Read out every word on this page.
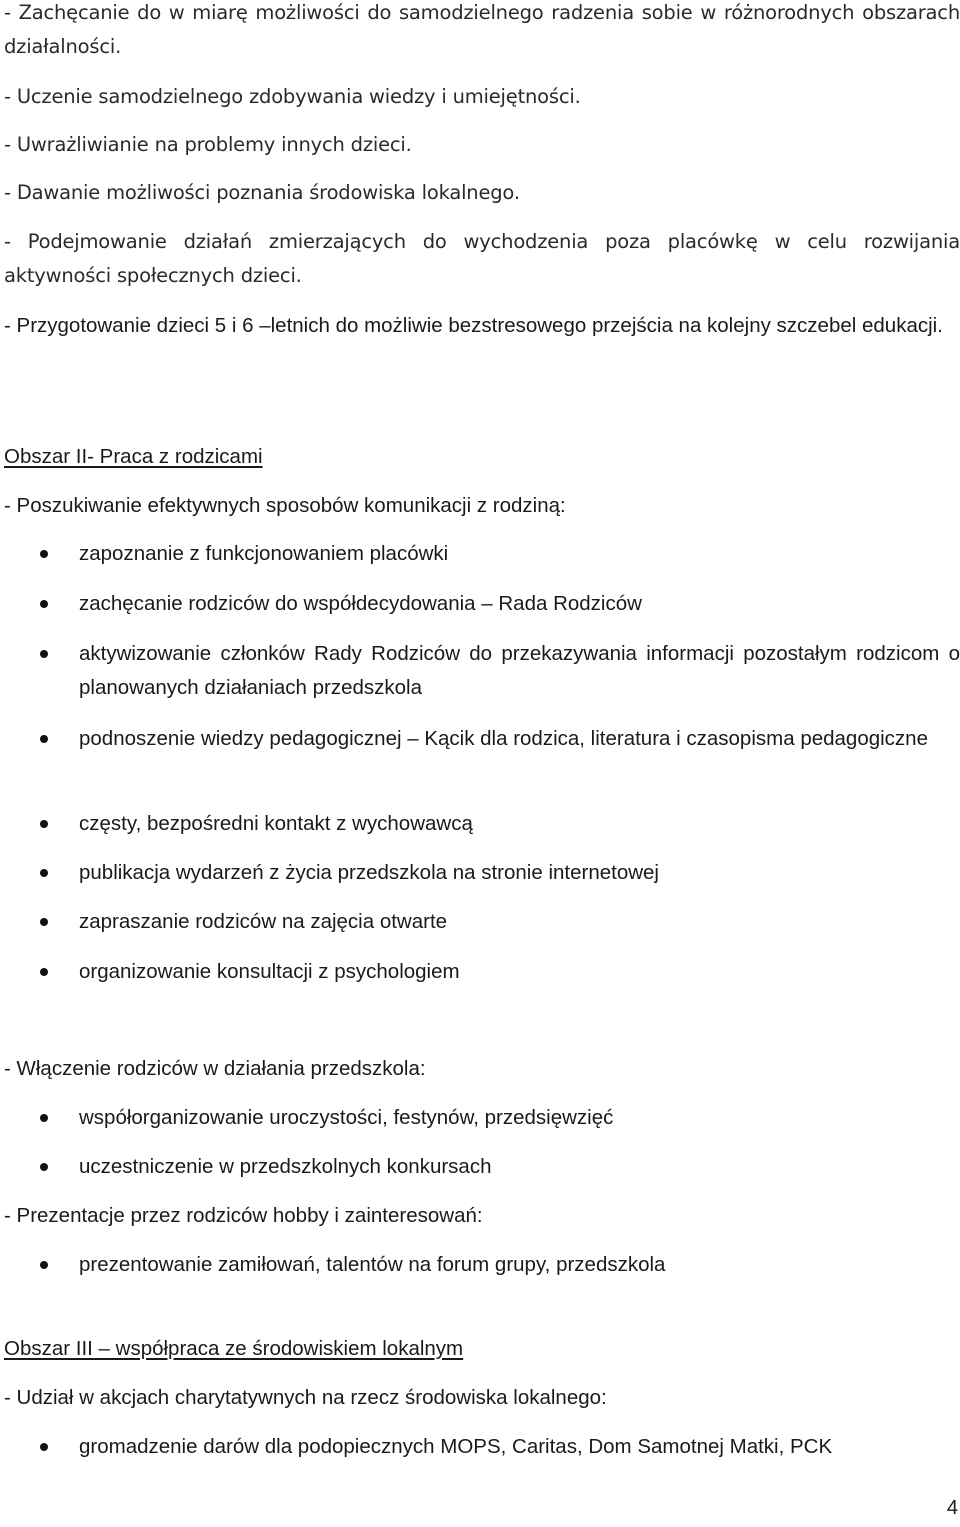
- Zachęcanie do w miarę możliwości do samodzielnego radzenia sobie w różnorodnych obszarach działalności.

- Uczenie samodzielnego zdobywania wiedzy i umiejętności.

- Uwrażliwianie na problemy innych dzieci.

- Dawanie możliwości poznania środowiska lokalnego.

- Podejmowanie działań zmierzających do wychodzenia poza placówkę w celu rozwijania aktywności społecznych dzieci.

- Przygotowanie dzieci 5 i 6 –letnich do możliwie bezstresowego przejścia na kolejny szczebel edukacji.

Obszar II- Praca z rodzicami

- Poszukiwanie efektywnych sposobów komunikacji z rodziną:

zapoznanie z funkcjonowaniem placówki

zachęcanie rodziców do współdecydowania – Rada Rodziców

aktywizowanie członków Rady Rodziców do przekazywania informacji pozostałym rodzicom o planowanych działaniach przedszkola

podnoszenie wiedzy pedagogicznej – Kącik dla rodzica, literatura i czasopisma pedagogiczne

częsty, bezpośredni kontakt z wychowawcą

publikacja wydarzeń z życia przedszkola na stronie internetowej

zapraszanie rodziców na zajęcia otwarte

organizowanie konsultacji z psychologiem

- Włączenie rodziców w działania przedszkola:

współorganizowanie uroczystości, festynów, przedsięwzięć

uczestniczenie w przedszkolnych konkursach

- Prezentacje przez rodziców hobby i zainteresowań:

prezentowanie zamiłowań, talentów na forum grupy, przedszkola

Obszar III – współpraca ze środowiskiem lokalnym

- Udział w akcjach charytatywnych na rzecz środowiska lokalnego:

gromadzenie darów dla podopiecznych MOPS, Caritas, Dom Samotnej Matki, PCK

4
